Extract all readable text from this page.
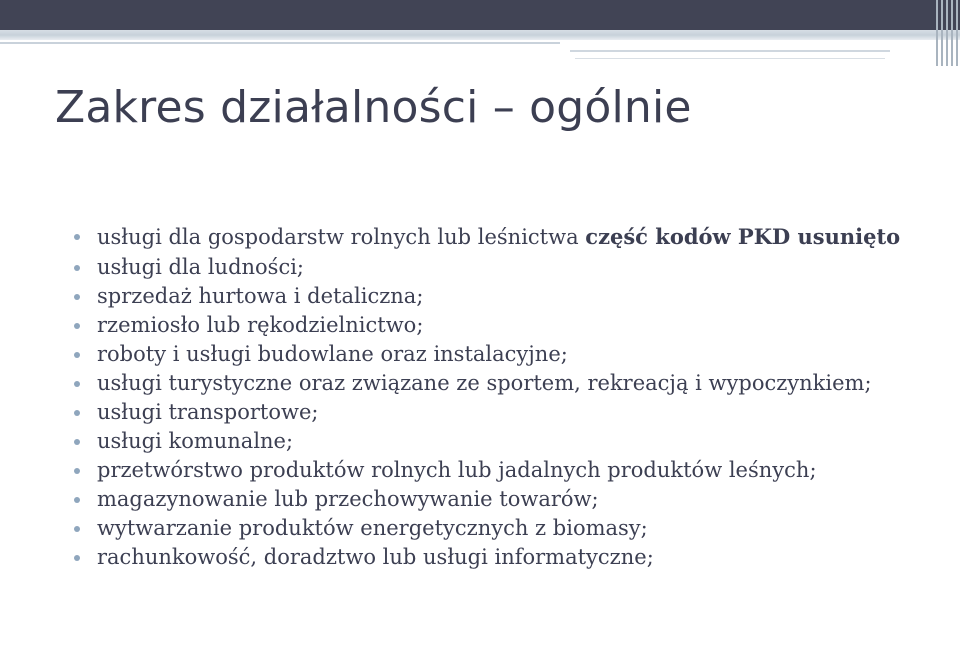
Zakres działalności – ogólnie
usługi dla gospodarstw rolnych lub leśnictwa część kodów PKD usunięto
usługi dla ludności;
sprzedaż hurtowa i detaliczna;
rzemiosło lub rękodzielnictwo;
roboty i usługi budowlane oraz instalacyjne;
usługi turystyczne oraz związane ze sportem, rekreacją i wypoczynkiem;
usługi transportowe;
usługi komunalne;
przetwórstwo produktów rolnych lub jadalnych produktów leśnych;
magazynowanie lub przechowywanie towarów;
wytwarzanie produktów energetycznych z biomasy;
rachunkowość, doradztwo lub usługi informatyczne;
